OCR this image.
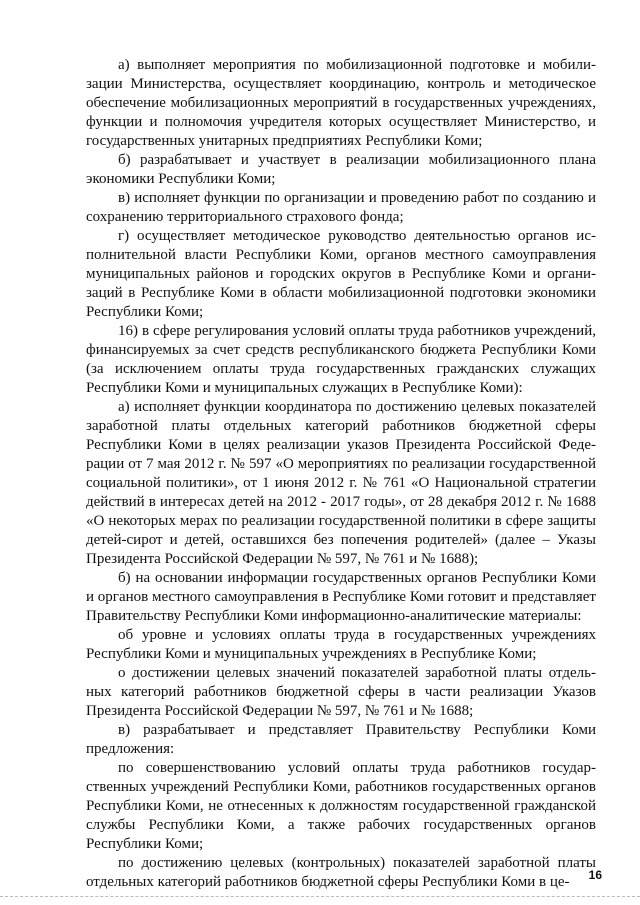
а) выполняет мероприятия по мобилизационной подготовке и мобилизации Министерства, осуществляет координацию, контроль и методическое обеспечение мобилизационных мероприятий в государственных учреждениях, функции и полномочия учредителя которых осуществляет Министерство, и государственных унитарных предприятиях Республики Коми;

б) разрабатывает и участвует в реализации мобилизационного плана экономики Республики Коми;

в) исполняет функции по организации и проведению работ по созданию и сохранению территориального страхового фонда;

г) осуществляет методическое руководство деятельностью органов исполнительной власти Республики Коми, органов местного самоуправления муниципальных районов и городских округов в Республике Коми и организаций в Республике Коми в области мобилизационной подготовки экономики Республики Коми;

16) в сфере регулирования условий оплаты труда работников учреждений, финансируемых за счет средств республиканского бюджета Республики Коми (за исключением оплаты труда государственных гражданских служащих Республики Коми и муниципальных служащих в Республике Коми):

а) исполняет функции координатора по достижению целевых показателей заработной платы отдельных категорий работников бюджетной сферы Республики Коми в целях реализации указов Президента Российской Федерации от 7 мая 2012 г. № 597 «О мероприятиях по реализации государственной социальной политики», от 1 июня 2012 г. № 761 «О Национальной стратегии действий в интересах детей на 2012 - 2017 годы», от 28 декабря 2012 г. № 1688 «О некоторых мерах по реализации государственной политики в сфере защиты детей-сирот и детей, оставшихся без попечения родителей» (далее – Указы Президента Российской Федерации № 597, № 761 и № 1688);

б) на основании информации государственных органов Республики Коми и органов местного самоуправления в Республике Коми готовит и представляет Правительству Республики Коми информационно-аналитические материалы:

об уровне и условиях оплаты труда в государственных учреждениях Республики Коми и муниципальных учреждениях в Республике Коми;

о достижении целевых значений показателей заработной платы отдельных категорий работников бюджетной сферы в части реализации Указов Президента Российской Федерации № 597, № 761 и № 1688;

в) разрабатывает и представляет Правительству Республики Коми предложения:

по совершенствованию условий оплаты труда работников государственных учреждений Республики Коми, работников государственных органов Республики Коми, не отнесенных к должностям государственной гражданской службы Республики Коми, а также рабочих государственных органов Республики Коми;

по достижению целевых (контрольных) показателей заработной платы отдельных категорий работников бюджетной сферы Республики Коми в це-	16
